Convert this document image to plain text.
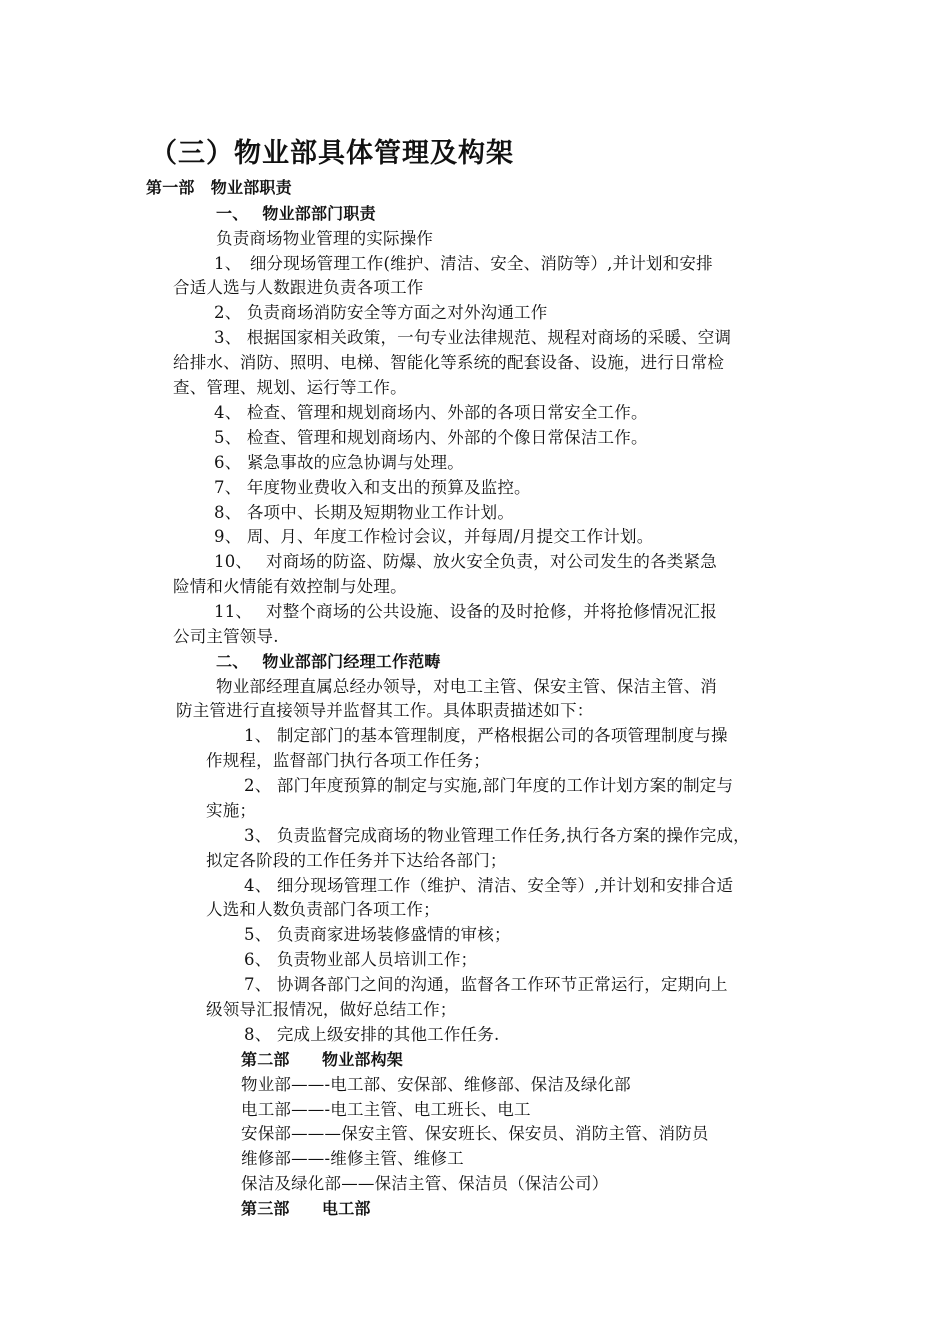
（三）物业部具体管理及构架
第一部　物业部职责
一、　 物业部部门职责
负责商场物业管理的实际操作
1、　细分现场管理工作(维护、清洁、安全、消防等）,并计划和安排
合适人选与人数跟进负责各项工作
2、 负责商场消防安全等方面之对外沟通工作
3、 根据国家相关政策，一句专业法律规范、规程对商场的采暖、空调
给排水、消防、照明、电梯、智能化等系统的配套设备、设施，进行日常检
查、管理、规划、运行等工作。
4、 检查、管理和规划商场内、外部的各项日常安全工作。
5、 检查、管理和规划商场内、外部的个像日常保洁工作。
6、 紧急事故的应急协调与处理。
7、 年度物业费收入和支出的预算及监控。
8、 各项中、长期及短期物业工作计划。
9、 周、月、年度工作检讨会议，并每周/月提交工作计划。
10、　 对商场的防盗、防爆、放火安全负责，对公司发生的各类紧急
险情和火情能有效控制与处理。
11、　 对整个商场的公共设施、设备的及时抢修，并将抢修情况汇报
公司主管领导.
二、　 物业部部门经理工作范畴
物业部经理直属总经办领导，对电工主管、保安主管、保洁主管、消
防主管进行直接领导并监督其工作。具体职责描述如下：
1、 制定部门的基本管理制度，严格根据公司的各项管理制度与操
作规程，监督部门执行各项工作任务；
2、 部门年度预算的制定与实施,部门年度的工作计划方案的制定与
实施；
3、 负责监督完成商场的物业管理工作任务,执行各方案的操作完成，
拟定各阶段的工作任务并下达给各部门；
4、 细分现场管理工作（维护、清洁、安全等）,并计划和安排合适
人选和人数负责部门各项工作；
5、 负责商家进场装修盛情的审核；
6、 负责物业部人员培训工作；
7、 协调各部门之间的沟通，监督各工作环节正常运行，定期向上
级领导汇报情况，做好总结工作；
8、 完成上级安排的其他工作任务.
第二部　　物业部构架
物业部——-电工部、安保部、维修部、保洁及绿化部
电工部——-电工主管、电工班长、电工
安保部———保安主管、保安班长、保安员、消防主管、消防员
维修部——-维修主管、维修工
保洁及绿化部——保洁主管、保洁员（保洁公司）
第三部　　电工部
